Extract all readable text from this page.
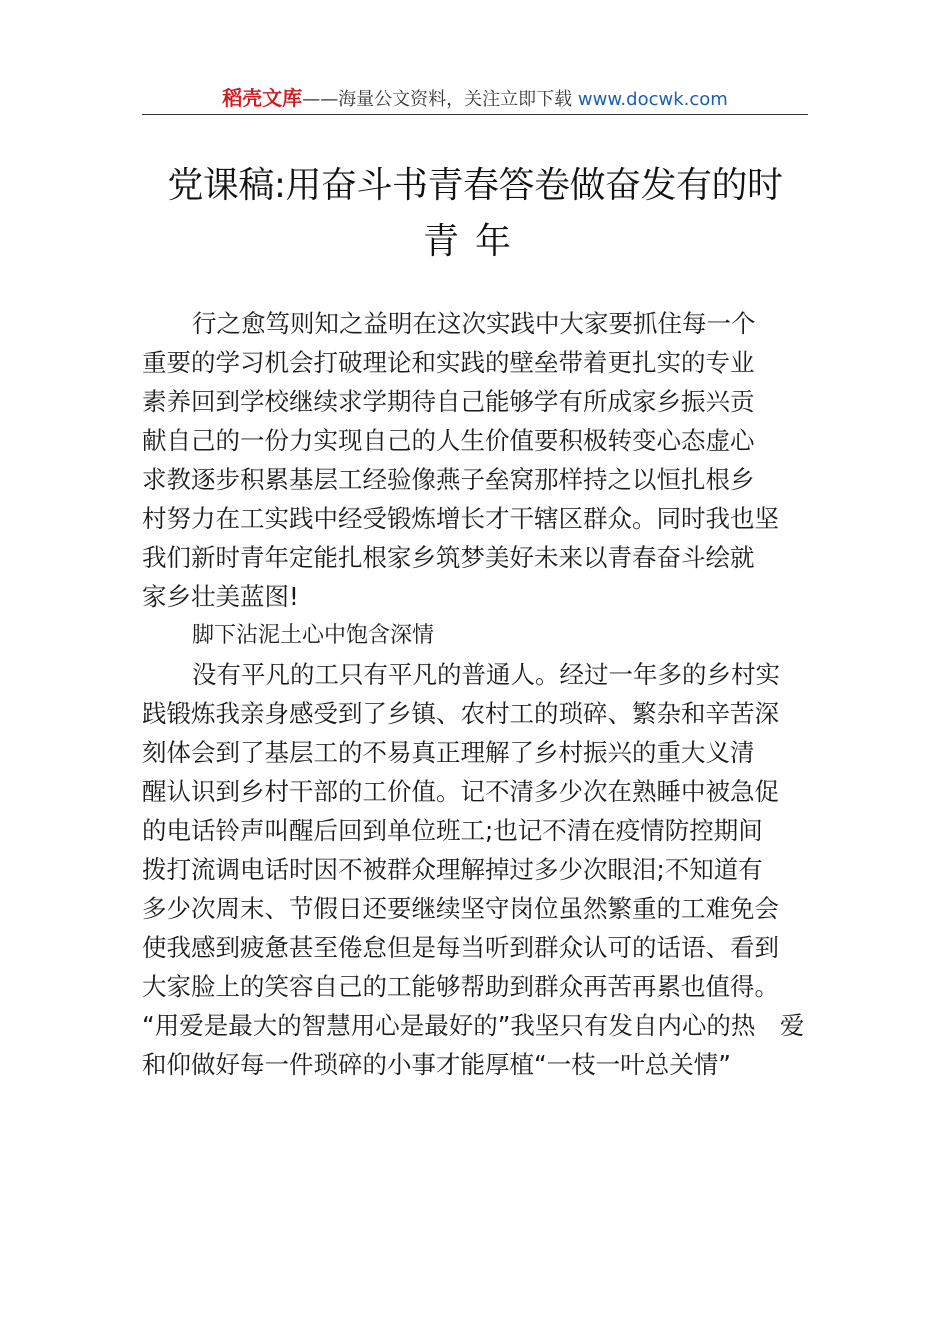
稻壳文库——海量公文资料，关注立即下载 www.docwk.com
党课稿:用奋斗书青春答卷做奋发有的时
青年
行之愈笃则知之益明在这次实践中大家要抓住每一个
重要的学习机会打破理论和实践的壁垒带着更扎实的专业
素养回到学校继续求学期待自己能够学有所成家乡振兴贡
献自己的一份力实现自己的人生价值要积极转变心态虚心
求教逐步积累基层工经验像燕子垒窝那样持之以恒扎根乡
村努力在工实践中经受锻炼增长才干辖区群众。同时我也坚
我们新时青年定能扎根家乡筑梦美好未来以青春奋斗绘就
家乡壮美蓝图!
脚下沾泥土心中饱含深情
没有平凡的工只有平凡的普通人。经过一年多的乡村实
践锻炼我亲身感受到了乡镇、农村工的琐碎、繁杂和辛苦深
刻体会到了基层工的不易真正理解了乡村振兴的重大义清
醒认识到乡村干部的工价值。记不清多少次在熟睡中被急促
的电话铃声叫醒后回到单位班工;也记不清在疫情防控期间
拨打流调电话时因不被群众理解掉过多少次眼泪;不知道有
多少次周末、节假日还要继续坚守岗位虽然繁重的工难免会
使我感到疲惫甚至倦怠但是每当听到群众认可的话语、看到
大家脸上的笑容自己的工能够帮助到群众再苦再累也值得。
“用爱是最大的智慧用心是最好的”我坚只有发自内心的热　爱
和仰做好每一件琐碎的小事才能厚植“一枝一叶总关情”
